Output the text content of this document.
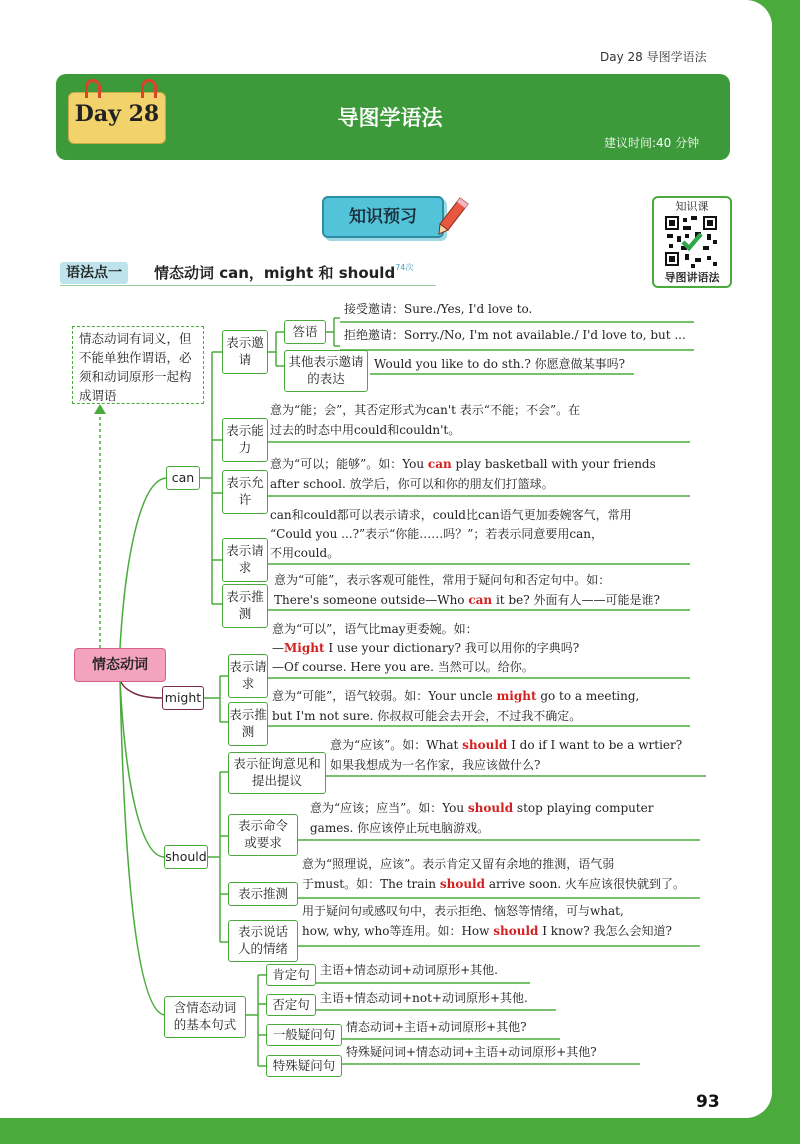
Day 28 导图学语法
Day 28	导图学语法
建议时间:40 分钟
知识预习
知识课
导图讲语法
语法点一	情态动词 can，might 和 should$^{74次}$
情态动词有词义，但不能单独作谓语，必须和动词原形一起构成谓语
情态动词
can
表示邀请
答语
其他表示邀请的表达
接受邀请：Sure./Yes, I'd love to.
拒绝邀请：Sorry./No, I'm not available./ I'd love to, but ...
Would you like to do sth.? 你愿意做某事吗?
表示能力
意为“能；会”，其否定形式为can't 表示“不能；不会”。在
过去的时态中用could和couldn't。
表示允许
意为“可以；能够”。如：You can play basketball with your friends
after school. 放学后，你可以和你的朋友们打篮球。
表示请求
can和could都可以表示请求，could比can语气更加委婉客气，常用
“Could you ...?”表示“你能……吗？”；若表示同意要用can，
不用could。
表示推测
意为“可能”，表示客观可能性，常用于疑问句和否定句中。如：
There's someone outside—Who can it be? 外面有人——可能是谁?
might
表示请求
意为“可以”，语气比may更委婉。如：
—Might I use your dictionary? 我可以用你的字典吗?
—Of course. Here you are. 当然可以。给你。
表示推测
意为“可能”，语气较弱。如：Your uncle might go to a meeting,
but I'm not sure. 你叔叔可能会去开会，不过我不确定。
should
表示征询意见和提出提议
意为“应该”。如：What should I do if I want to be a wrtier?
如果我想成为一名作家，我应该做什么?
表示命令或要求
意为“应该；应当”。如：You should stop playing computer
games. 你应该停止玩电脑游戏。
表示推测
意为“照理说，应该”。表示肯定又留有余地的推测，语气弱
于must。如：The train should arrive soon. 火车应该很快就到了。
表示说话人的情绪
用于疑问句或感叹句中，表示拒绝、恼怒等情绪，可与what,
how, why, who等连用。如：How should I know? 我怎么会知道?
含情态动词的基本句式
肯定句 主语+情态动词+动词原形+其他.
否定句 主语+情态动词+not+动词原形+其他.
一般疑问句 情态动词+主语+动词原形+其他?
特殊疑问句
特殊疑问词+情态动词+主语+动词原形+其他?
93
